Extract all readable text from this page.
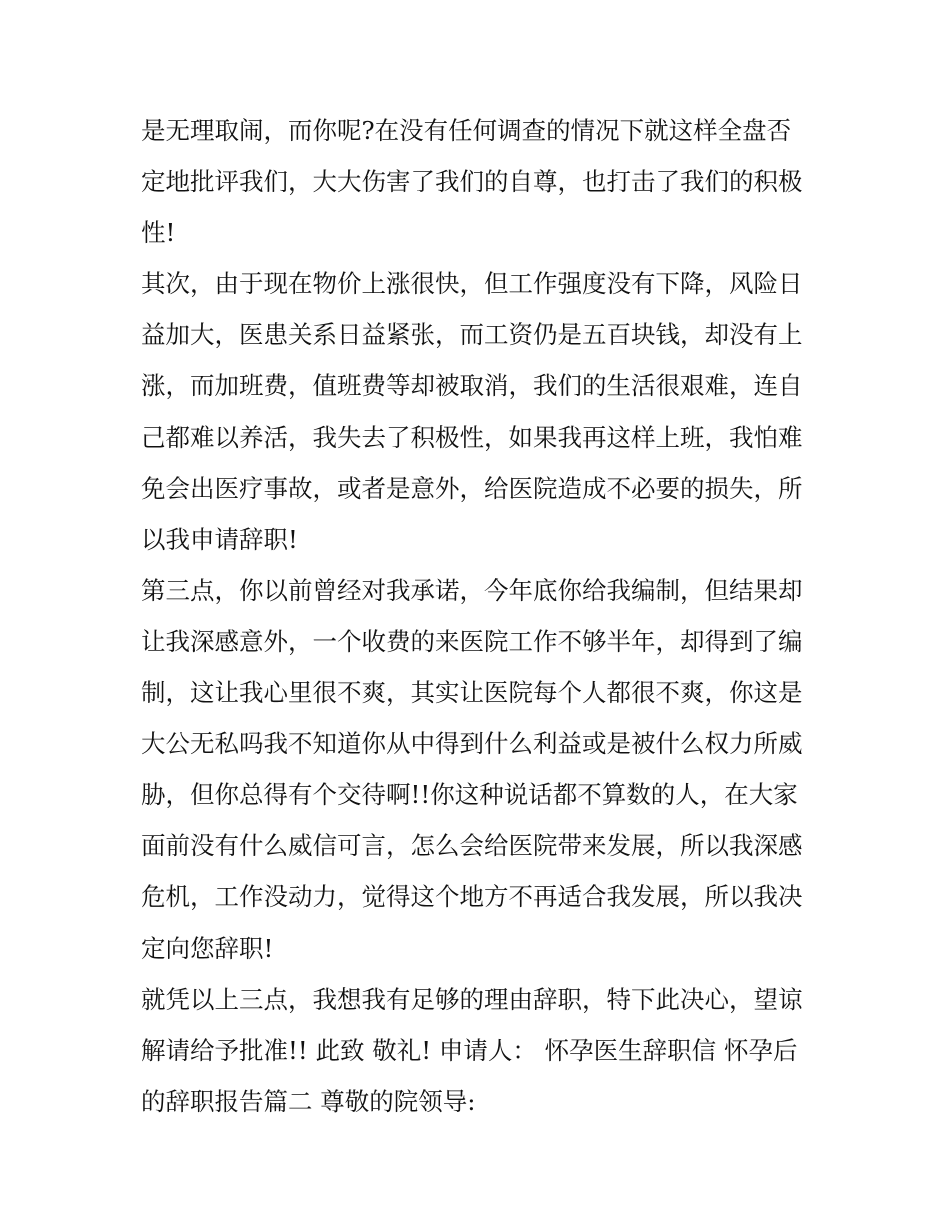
是无理取闹，而你呢?在没有任何调查的情况下就这样全盘否
定地批评我们，大大伤害了我们的自尊，也打击了我们的积极
性!
其次，由于现在物价上涨很快，但工作强度没有下降，风险日
益加大，医患关系日益紧张，而工资仍是五百块钱，却没有上
涨，而加班费，值班费等却被取消，我们的生活很艰难，连自
己都难以养活，我失去了积极性，如果我再这样上班，我怕难
免会出医疗事故，或者是意外，给医院造成不必要的损失，所
以我申请辞职!
第三点，你以前曾经对我承诺，今年底你给我编制，但结果却
让我深感意外，一个收费的来医院工作不够半年，却得到了编
制，这让我心里很不爽，其实让医院每个人都很不爽，你这是
大公无私吗我不知道你从中得到什么利益或是被什么权力所威
胁，但你总得有个交待啊!!你这种说话都不算数的人，在大家
面前没有什么威信可言，怎么会给医院带来发展，所以我深感
危机，工作没动力，觉得这个地方不再适合我发展，所以我决
定向您辞职!
就凭以上三点，我想我有足够的理由辞职，特下此决心，望谅
解请给予批准!! 此致 敬礼! 申请人： 怀孕医生辞职信 怀孕后
的辞职报告篇二 尊敬的院领导:
